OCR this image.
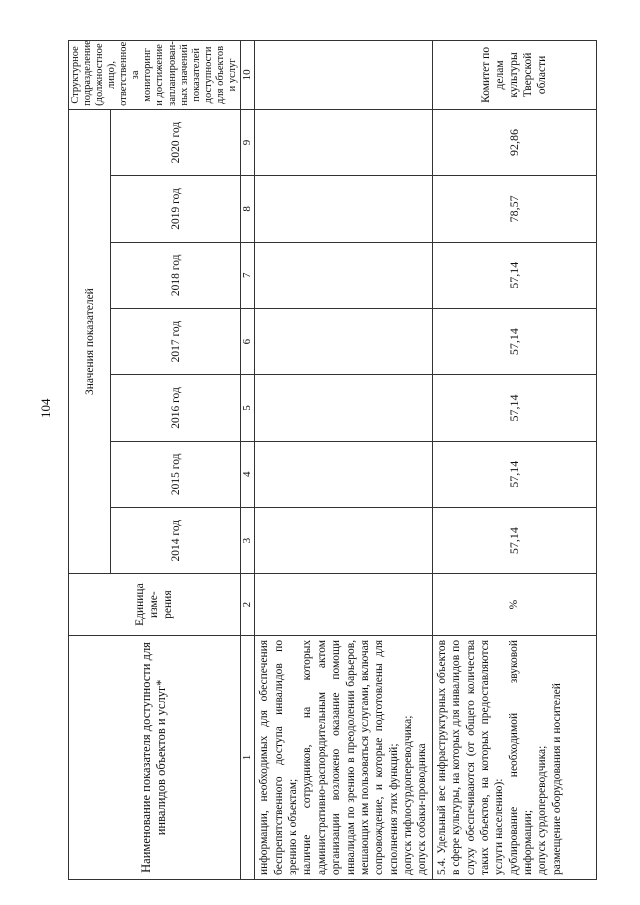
104
Наименование показателя доступности для инвалидов объектов и услуг*	Единица изме- рения	Значения показателей							Структурное подразделение (должностное лицо), ответственное за мониторинг и достижение запланирован- ных значений показателей доступности для объектов и услуг
		2014 год	2015 год	2016 год	2017 год	2018 год	2019 год	2020 год	
1	2	3	4	5	6	7	8	9	10

информации, необходимых для обеспечения беспрепятственного доступа инвалидов по зрению к объектам; наличие сотрудников, на которых административно-распорядительным актом организации возложено оказание помощи инвалидам по зрению в преодолении барьеров, мешающих им пользоваться услугами, включая сопровождение, и которые подготовлены для исполнения этих функций; допуск тифлосурдопереводчика; допуск собаки-проводника									

5.4. Удельный вес инфраструктурных объектов в сфере культуры, на которых для инвалидов по слуху обеспечиваются (от общего количества таких объектов, на которых предоставляются услуги населению): дублирование необходимой звуковой информации; допуск сурдопереводчика; размещение оборудования и носителей	%	57,14	57,14	57,14	57,14	57,14	78,57	92,86	Комитет по делам культуры Тверской области
